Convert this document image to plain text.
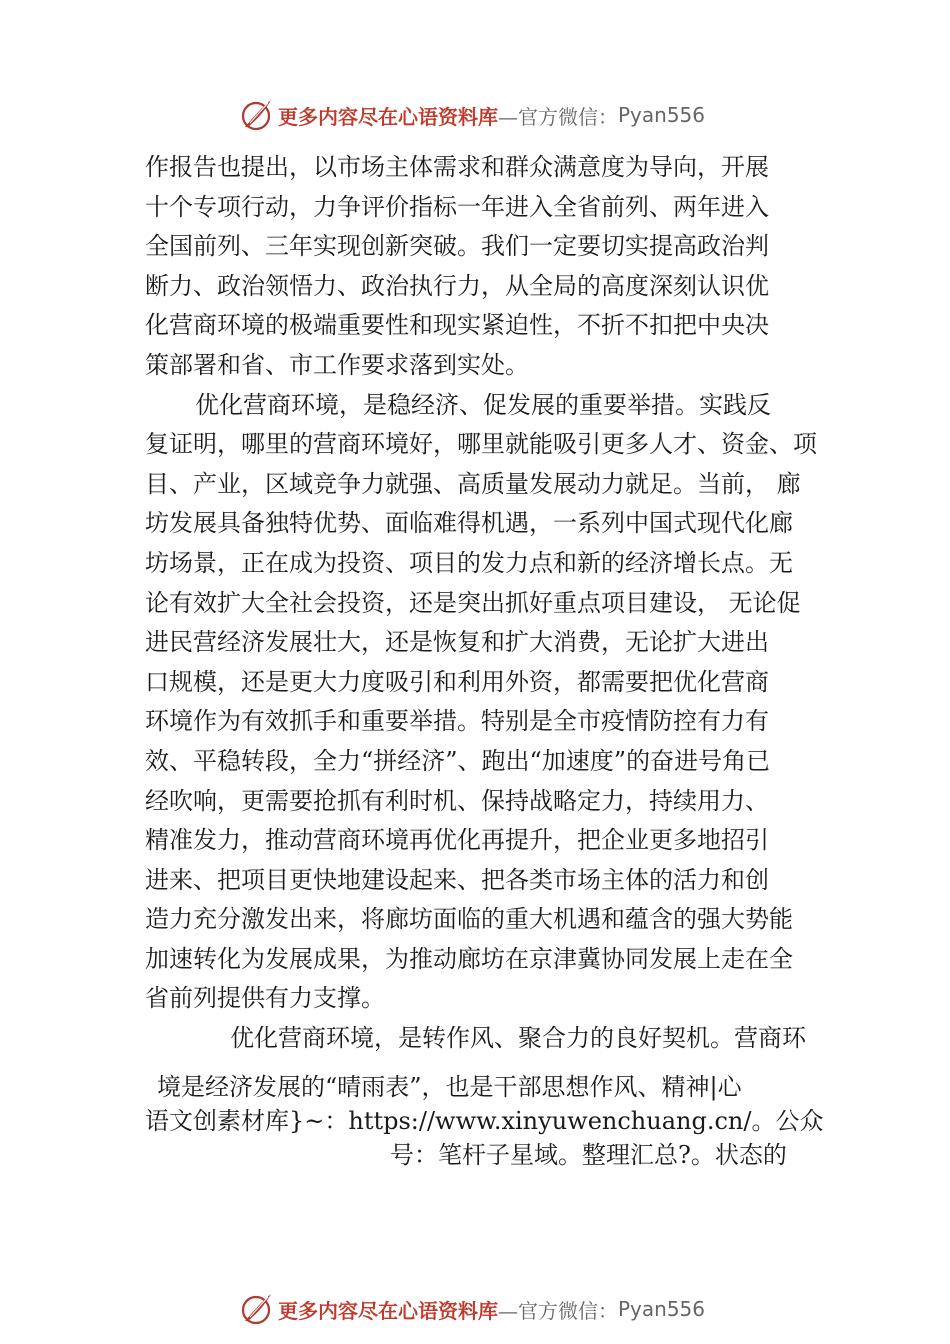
更多内容尽在心语资料库 —官方微信： Pyan556
作报告也提出，以市场主体需求和群众满意度为导向，开展
十个专项行动，力争评价指标一年进入全省前列、两年进入
全国前列、三年实现创新突破。我们一定要切实提高政治判
断力、政治领悟力、政治执行力，从全局的高度深刻认识优
化营商环境的极端重要性和现实紧迫性，不折不扣把中央决
策部署和省、市工作要求落到实处。
优化营商环境，是稳经济、促发展的重要举措。实践反
复证明，哪里的营商环境好，哪里就能吸引更多人才、资金、项
目、产业，区域竞争力就强、高质量发展动力就足。当前， 廊
坊发展具备独特优势、面临难得机遇，一系列中国式现代化廊
坊场景，正在成为投资、项目的发力点和新的经济增长点。无
论有效扩大全社会投资，还是突出抓好重点项目建设， 无论促
进民营经济发展壮大，还是恢复和扩大消费，无论扩大进出
口规模，还是更大力度吸引和利用外资，都需要把优化营商
环境作为有效抓手和重要举措。特别是全市疫情防控有力有
效、平稳转段，全力“拼经济”、跑出“加速度”的奋进号角已
经吹响，更需要抢抓有利时机、保持战略定力，持续用力、
精准发力，推动营商环境再优化再提升，把企业更多地招引
进来、把项目更快地建设起来、把各类市场主体的活力和创
造力充分激发出来，将廊坊面临的重大机遇和蕴含的强大势能
加速转化为发展成果，为推动廊坊在京津冀协同发展上走在全
省前列提供有力支撑。
优化营商环境，是转作风、聚合力的良好契机。营商环
境是经济发展的“晴雨表”，也是干部思想作风、精神|心
语文创素材库}~：https://www.xinyuwenchuang.cn/。公众
号：笔杆子星域。整理汇总?。状态的
更多内容尽在心语资料库 —官方微信： Pyan556
